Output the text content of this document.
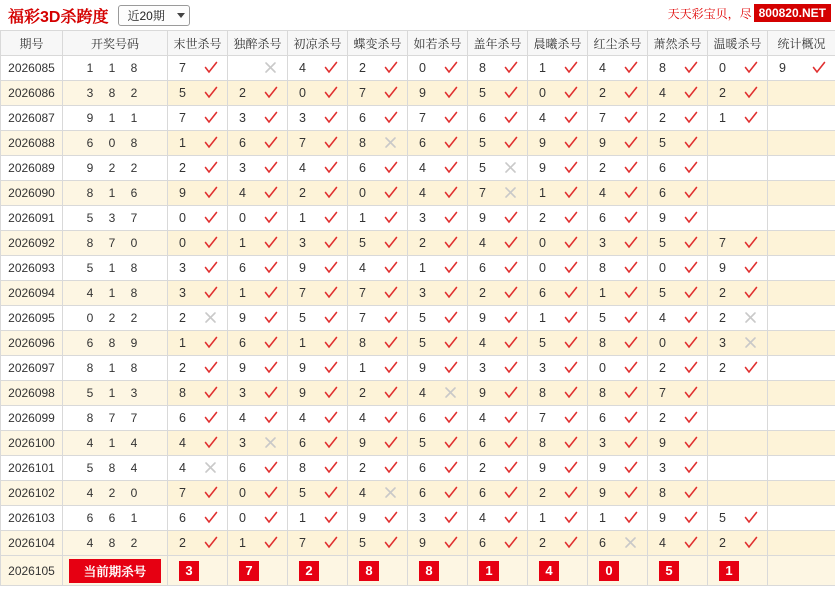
福彩3D杀跨度 近20期	天天彩宝贝，尽 800820.NET
期号	开奖号码	末世杀号	独醉杀号	初凉杀号	蝶变杀号	如若杀号	盖年杀号	晨曦杀号	红尘杀号	萧然杀号	温暖杀号	统计概况	
2026085	1 1 8	7		4	2	0	8	1	4	8	0	9

2026086	3 8 2	5	2	0	7	9	5	0	2	4	2

2026087	9 1 1	7	3	3	6	7	6	4	7	2	1

2026088	6 0 8	1	6	7	8	6	5	9	9	5

2026089	9 2 2	2	3	4	6	4	5	9	2	6

2026090	8 1 6	9	4	2	0	4	7	1	4	6

2026091	5 3 7	0	0	1	1	3	9	2	6	9

2026092	8 7 0	0	1	3	5	2	4	0	3	5	7

2026093	5 1 8	3	6	9	4	1	6	0	8	0	9

2026094	4 1 8	3	1	7	7	3	2	6	1	5	2

2026095	0 2 2	2	9	5	7	5	9	1	5	4	2

2026096	6 8 9	1	6	1	8	5	4	5	8	0	3

2026097	8 1 8	2	9	9	1	9	3	3	0	2	2

2026098	5 1 3	8	3	9	2	4	9	8	8	7

2026099	8 7 7	6	4	4	4	6	4	7	6	2

2026100	4 1 4	4	3	6	9	5	6	8	3	9

2026101	5 8 4	4	6	8	2	6	2	9	9	3

2026102	4 2 0	7	0	5	4	6	6	2	9	8

2026103	6 6 1	6	0	1	9	3	4	1	1	9	5

2026104	4 8 2	2	1	7	5	9	6	2	6	4	2

2026105	当前期杀号	3	7	2	8	8	1	4	0	5	1		
